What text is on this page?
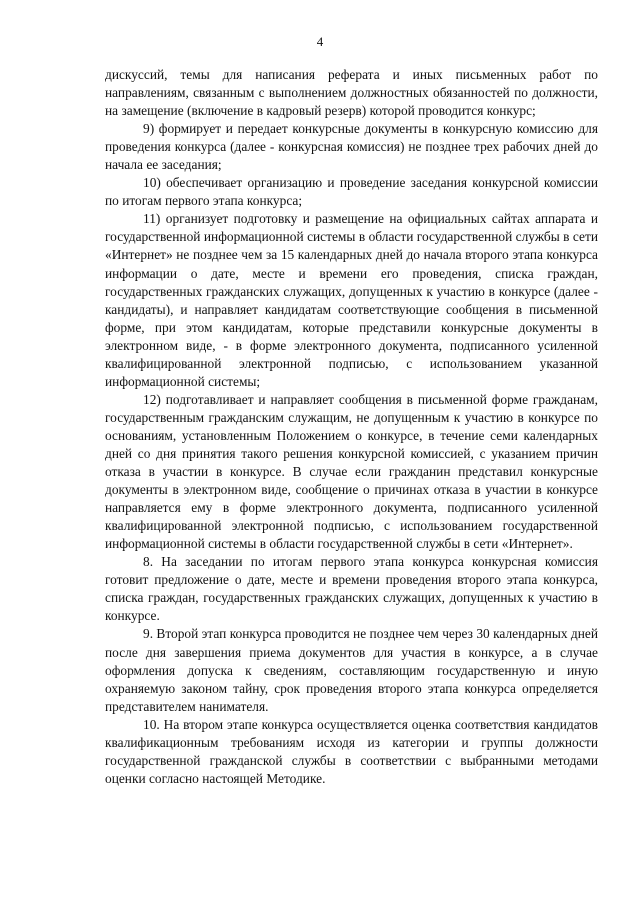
4

дискуссий, темы для написания реферата и иных письменных работ по направлениям, связанным с выполнением должностных обязанностей по должности, на замещение (включение в кадровый резерв) которой проводится конкурс;

9) формирует и передает конкурсные документы в конкурсную комиссию для проведения конкурса (далее - конкурсная комиссия) не позднее трех рабочих дней до начала ее заседания;

10) обеспечивает организацию и проведение заседания конкурсной комиссии по итогам первого этапа конкурса;

11) организует подготовку и размещение на официальных сайтах аппарата и государственной информационной системы в области государственной службы в сети «Интернет» не позднее чем за 15 календарных дней до начала второго этапа конкурса информации о дате, месте и времени его проведения, списка граждан, государственных гражданских служащих, допущенных к участию в конкурсе (далее - кандидаты), и направляет кандидатам соответствующие сообщения в письменной форме, при этом кандидатам, которые представили конкурсные документы в электронном виде, - в форме электронного документа, подписанного усиленной квалифицированной электронной подписью, с использованием указанной информационной системы;

12) подготавливает и направляет сообщения в письменной форме гражданам, государственным гражданским служащим, не допущенным к участию в конкурсе по основаниям, установленным Положением о конкурсе, в течение семи календарных дней со дня принятия такого решения конкурсной комиссией, с указанием причин отказа в участии в конкурсе. В случае если гражданин представил конкурсные документы в электронном виде, сообщение о причинах отказа в участии в конкурсе направляется ему в форме электронного документа, подписанного усиленной квалифицированной электронной подписью, с использованием государственной информационной системы в области государственной службы в сети «Интернет».

8. На заседании по итогам первого этапа конкурса конкурсная комиссия готовит предложение о дате, месте и времени проведения второго этапа конкурса, списка граждан, государственных гражданских служащих, допущенных к участию в конкурсе.

9. Второй этап конкурса проводится не позднее чем через 30 календарных дней после дня завершения приема документов для участия в конкурсе, а в случае оформления допуска к сведениям, составляющим государственную и иную охраняемую законом тайну, срок проведения второго этапа конкурса определяется представителем нанимателя.

10. На втором этапе конкурса осуществляется оценка соответствия кандидатов квалификационным требованиям исходя из категории и группы должности государственной гражданской службы в соответствии с выбранными методами оценки согласно настоящей Методике.
